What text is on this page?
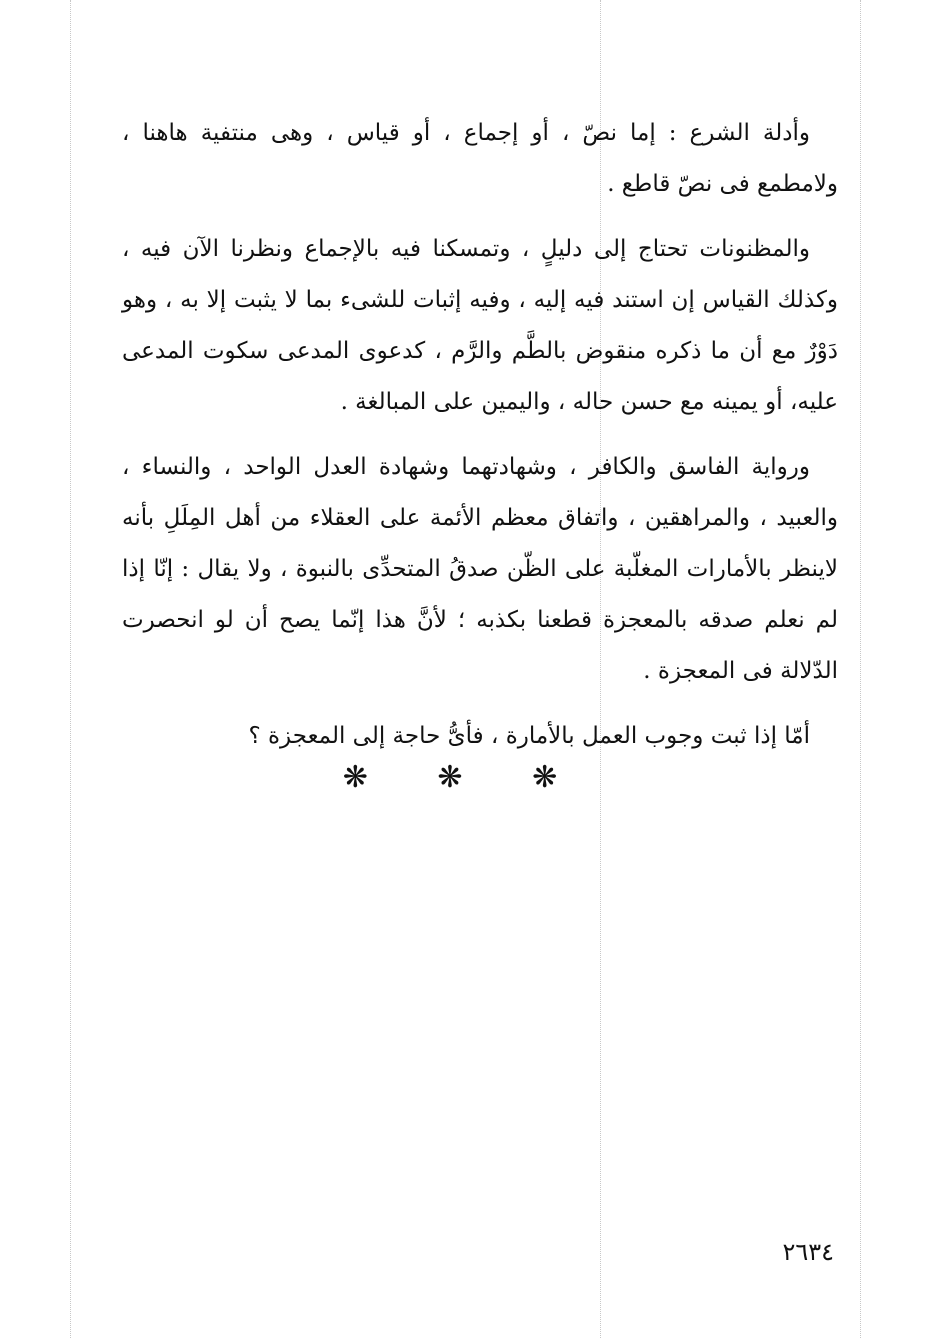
وأدلة الشرع : إما نصّ ، أو إجماع ، أو قياس ، وهى منتفية هاهنا ، ولامطمع فى نصّ قاطع .

والمظنونات تحتاج إلى دليلٍ ، وتمسكنا فيه بالإجماع ونظرنا الآن فيه ، وكذلك القياس إن استند فيه إليه ، وفيه إثبات للشىء بما لا يثبت إلا به ، وهو دَوْرٌ مع أن ما ذكره منقوض بالطَّم والرَّم ، كدعوى المدعى سكوت المدعى عليه، أو يمينه مع حسن حاله ، واليمين على المبالغة .

ورواية الفاسق والكافر ، وشهادتهما وشهادة العدل الواحد ، والنساء ، والعبيد ، والمراهقين ، واتفاق معظم الأئمة على العقلاء من أهل المِلَلِ بأنه لاينظر بالأمارات المغلّبة على الظّن صدقُ المتحدِّى بالنبوة ، ولا يقال : إنّا إذا لم نعلم صدقه بالمعجزة قطعنا بكذبه ؛ لأنَّ هذا إنّما يصح أن لو انحصرت الدّلالة فى المعجزة .

أمّا إذا ثبت وجوب العمل بالأمارة ، فأىُّ حاجة إلى المعجزة ؟

❋ ❋ ❋
٢٦٣٤
